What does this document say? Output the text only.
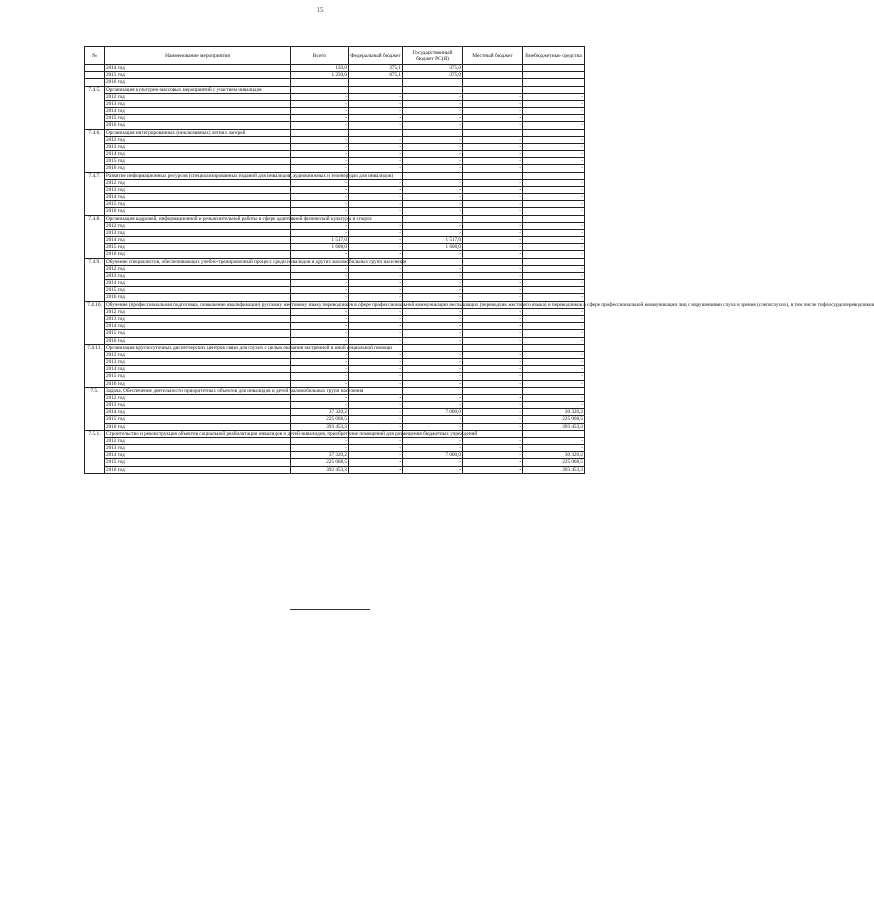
15
№	Наименование мероприятия	Всего	Федеральный бюджет	Государственный бюджет РС(Я)	Местный бюджет	Внебюджетные средства
	2014 год	150,0	375,1	375,0		
	2015 год	1 250,0	875,1	375,0		
	2016 год					
7.4.5.	Организация культурно-массовых мероприятий с участием инвалидов					
	2012 год	-	-	-	-	-
	2013 год	-	-	-	-	-
	2014 год	-	-	-	-	-
	2015 год	-	-	-	-	-
	2016 год	-	-	-	-	-
7.4.6.	Организация интегрированных (инклюзивных) летних лагерей					
	2012 год	-	-	-	-	-
	2013 год	-	-	-	-	-
	2014 год	-	-	-	-	-
	2015 год	-	-	-	-	-
	2016 год	-	-	-	-	-
7.4.7.	Развитие информационных ресурсов (специализированных изданий для инвалидов, аудиокнижных и телепередач для инвалидов)					
	2012 год	-	-	-	-	-
	2013 год	-	-	-	-	-
	2014 год	-	-	-	-	-
	2015 год	-	-	-	-	-
	2016 год	-	-	-	-	-
7.4.8.	Организация кадровой, информационной и резъяснительной работы в сфере адаптивной физической культуры и спорта					
	2012 год	-	-	-	-	-
	2013 год	-	-	-	-	-
	2014 год	1 517,0	-	1 517,0	-	-
	2015 год	1 608,0	-	1 608,0	-	-
	2016 год	-	-	-	-	-
7.4.9.	Обучение специалистов, обеспечивающих учебно-тренировочный процесс среди инвалидов и других маломобильных групп населения					
	2012 год	-	-	-	-	-
	2013 год	-	-	-	-	-
	2014 год	-	-	-	-	-
	2015 год	-	-	-	-	-
	2016 год	-	-	-	-	-
7.4.10.	Обучение (профессиональная подготовка, повышение квалификации) русскому жестовому языку переводчиков в сфере профессиональной коммуникации неслышащих (переводчик жестового языка) и переводчиков в сфере профессиональной коммуникации лиц с нарушениями слуха и зрения (слепоглухих), в том числе тифлосурдопереводчиков					
	2012 год	-	-	-	-	-
	2013 год	-	-	-	-	-
	2014 год	-	-	-	-	-
	2015 год	-	-	-	-	-
	2016 год	-	-	-	-	-
7.4.11.	Организация круглосуточных диспетчерских центров связи для глухих с целью оказания экстренной и иной социальной помощи					
	2012 год	-	-	-	-	-
	2013 год	-	-	-	-	-
	2014 год	-	-	-	-	-
	2015 год	-	-	-	-	-
	2016 год	-	-	-	-	-
7.5.	Задача. Обеспечение деятельности приоритетных объектов для инвалидов и детей маломобильных групп населения					
	2012 год	-	-	-	-	-
	2013 год	-	-	-	-	-
	2014 год	37 320,2	-	7 000,0	-	30 320,2
	2015 год	225 068,5	-	-	-	225 068,5
	2016 год	393 453,3	-	-	-	393 453,3
7.5.1.	Строительство и реконструкция объектов социальной реабилитации инвалидов и детей-инвалидов, приобретение помещений для размещения бюджетных учреждений					
	2012 год	-	-	-	-	-
	2013 год	-	-	-	-	-
	2014 год	37 320,2	-	7 000,0	-	30 320,2
	2015 год	225 068,5	-	-	-	225 068,5
	2016 год	392 453,3	-	-	-	393 453,3
